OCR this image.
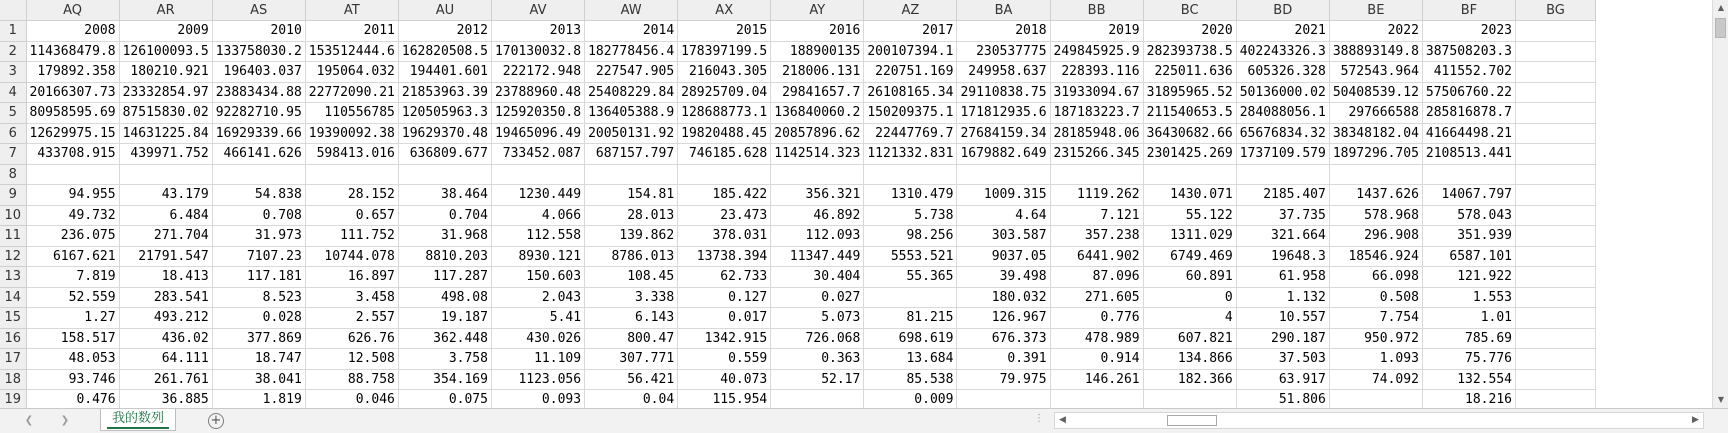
	AQ	AR	AS	AT	AU	AV	AW	AX	AY	AZ	BA	BB	BC	BD	BE	BF	BG
1	2008	2009	2010	2011	2012	2013	2014	2015	2016	2017	2018	2019	2020	2021	2022	2023	
2	114368479.8	126100093.5	133758030.2	153512444.6	162820508.5	170130032.8	182778456.4	178397199.5	188900135	200107394.1	230537775	249845925.9	282393738.5	402243326.3	388893149.8	387508203.3	
3	179892.358	180210.921	196403.037	195064.032	194401.601	222172.948	227547.905	216043.305	218006.131	220751.169	249958.637	228393.116	225011.636	605326.328	572543.964	411552.702	
4	20166307.73	23332854.97	23883434.88	22772090.21	21853963.39	23788960.48	25408229.84	28925709.04	29841657.7	26108165.34	29110838.75	31933094.67	31895965.52	50136000.02	50408539.12	57506760.22	
5	80958595.69	87515830.02	92282710.95	110556785	120505963.3	125920350.8	136405388.9	128688773.1	136840060.2	150209375.1	171812935.6	187183223.7	211540653.5	284088056.1	297666588	285816878.7	
6	12629975.15	14631225.84	16929339.66	19390092.38	19629370.48	19465096.49	20050131.92	19820488.45	20857896.62	22447769.7	27684159.34	28185948.06	36430682.66	65676834.32	38348182.04	41664498.21	
7	433708.915	439971.752	466141.626	598413.016	636809.677	733452.087	687157.797	746185.628	1142514.323	1121332.831	1679882.649	2315266.345	2301425.269	1737109.579	1897296.705	2108513.441	
8																	
9	94.955	43.179	54.838	28.152	38.464	1230.449	154.81	185.422	356.321	1310.479	1009.315	1119.262	1430.071	2185.407	1437.626	14067.797	
10	49.732	6.484	0.708	0.657	0.704	4.066	28.013	23.473	46.892	5.738	4.64	7.121	55.122	37.735	578.968	578.043	
11	236.075	271.704	31.973	111.752	31.968	112.558	139.862	378.031	112.093	98.256	303.587	357.238	1311.029	321.664	296.908	351.939	
12	6167.621	21791.547	7107.23	10744.078	8810.203	8930.121	8786.013	13738.394	11347.449	5553.521	9037.05	6441.902	6749.469	19648.3	18546.924	6587.101	
13	7.819	18.413	117.181	16.897	117.287	150.603	108.45	62.733	30.404	55.365	39.498	87.096	60.891	61.958	66.098	121.922	
14	52.559	283.541	8.523	3.458	498.08	2.043	3.338	0.127	0.027		180.032	271.605	0	1.132	0.508	1.553	
15	1.27	493.212	0.028	2.557	19.187	5.41	6.143	0.017	5.073	81.215	126.967	0.776	4	10.557	7.754	1.01	
16	158.517	436.02	377.869	626.76	362.448	430.026	800.47	1342.915	726.068	698.619	676.373	478.989	607.821	290.187	950.972	785.69	
17	48.053	64.111	18.747	12.508	3.758	11.109	307.771	0.559	0.363	13.684	0.391	0.914	134.866	37.503	1.093	75.776	
18	93.746	261.761	38.041	88.758	354.169	1123.056	56.421	40.073	52.17	85.538	79.975	146.261	182.366	63.917	74.092	132.554	
19	0.476	36.885	1.819	0.046	0.075	0.093	0.04	115.954		0.009				51.806		18.216	

▲
▼
❮	❯	我的数列	+	⋮	◀	▶
